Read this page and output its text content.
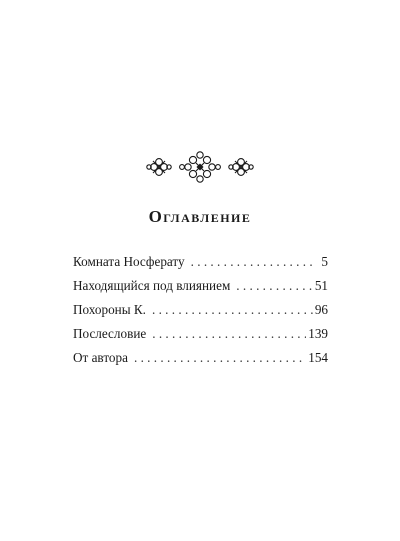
Оглавление
Комната Носферату . . .	5
Находящийся под влиянием . . .	51
Похороны К. . . .	96
Послесловие . . .	139
От автора . . .	154
